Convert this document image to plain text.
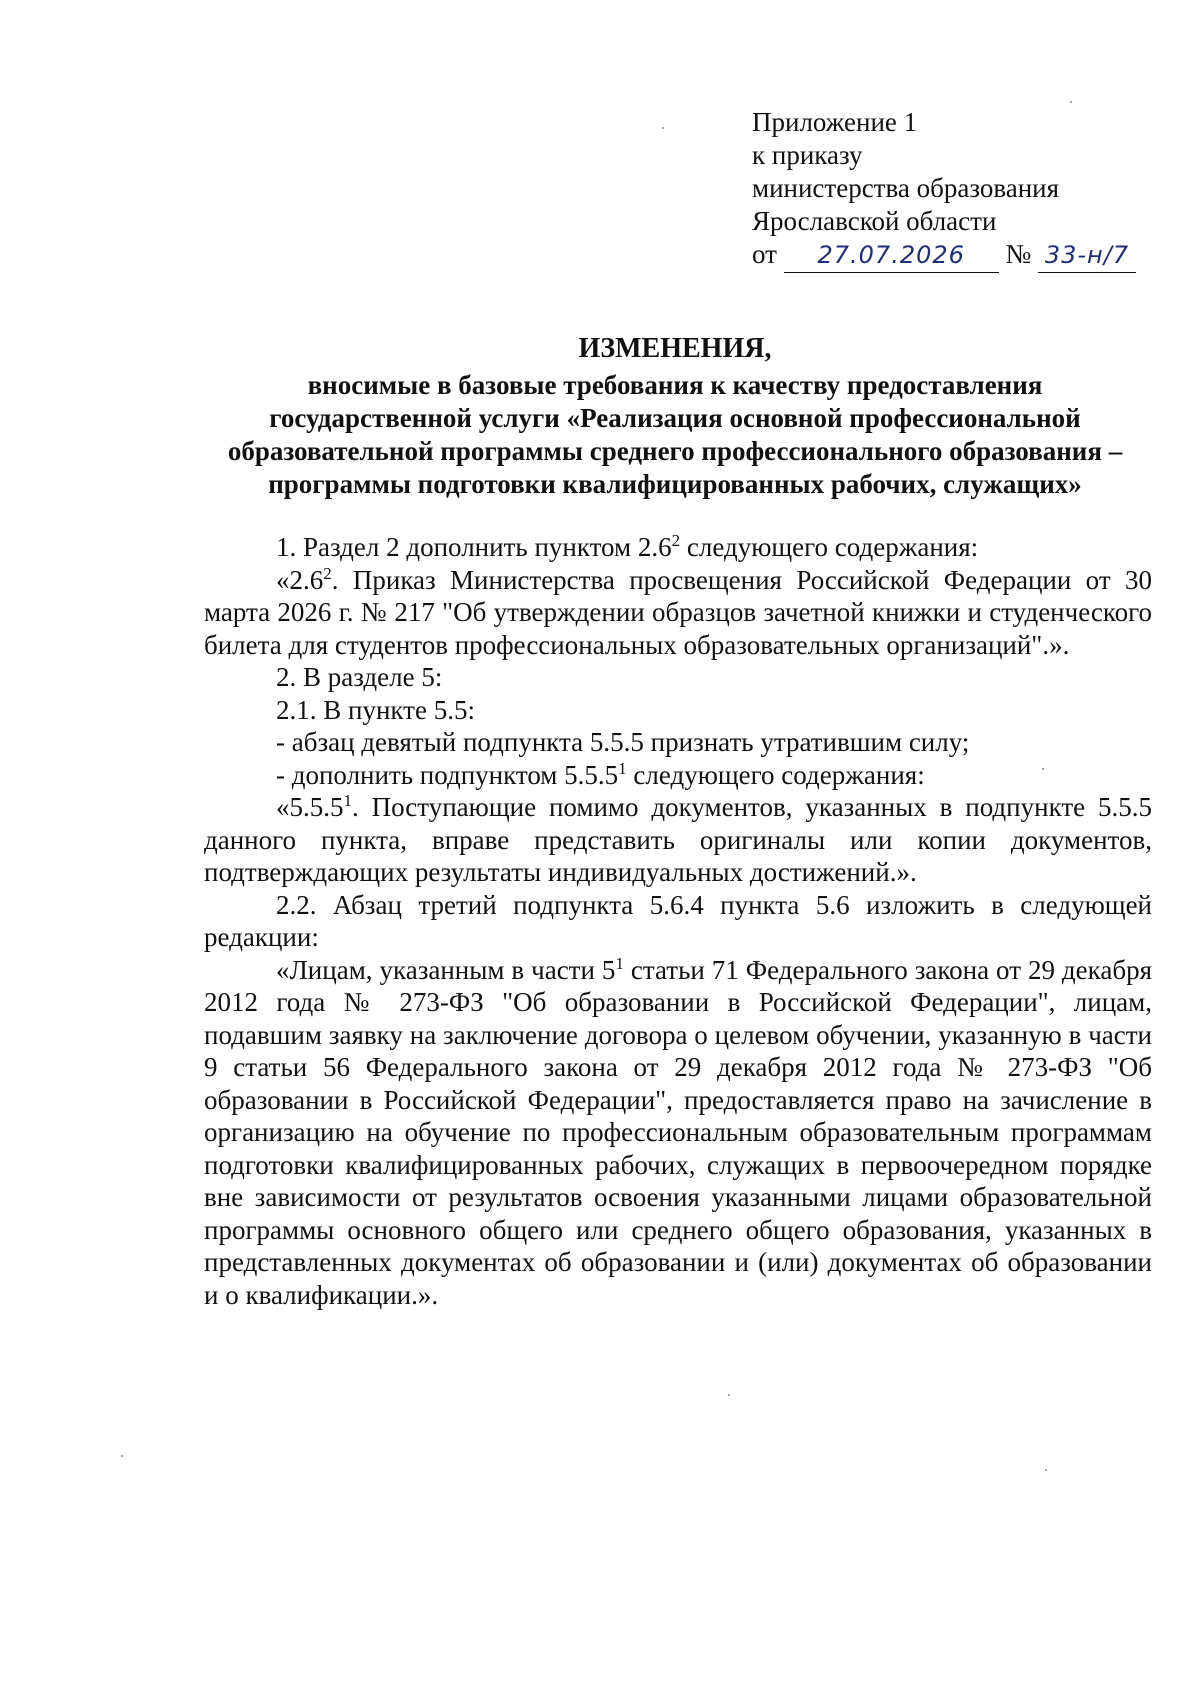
Приложение 1
к приказу
министерства образования
Ярославской области
от 27.07.2026 № 33-н/7
ИЗМЕНЕНИЯ,
вносимые в базовые требования к качеству предоставления
государственной услуги «Реализация основной профессиональной
образовательной программы среднего профессионального образования –
программы подготовки квалифицированных рабочих, служащих»

1. Раздел 2 дополнить пунктом $2.6^2$ следующего содержания:

«$2.6^2$. Приказ Министерства просвещения Российской Федерации от 30 марта 2026 г. № 217 "Об утверждении образцов зачетной книжки и студенческого билета для студентов профессиональных образовательных организаций".».

2. В разделе 5:

2.1. В пункте 5.5:

- абзац девятый подпункта 5.5.5 признать утратившим силу;

- дополнить подпунктом 5.5.5$^1$ следующего содержания:

«5.5.5$^1$. Поступающие помимо документов, указанных в подпункте 5.5.5 данного пункта, вправе представить оригиналы или копии документов, подтверждающих результаты индивидуальных достижений.».

2.2. Абзац третий подпункта 5.6.4 пункта 5.6 изложить в следующей редакции:

«Лицам, указанным в части $5^1$ статьи 71 Федерального закона от 29 декабря 2012 года № 273-ФЗ "Об образовании в Российской Федерации", лицам, подавшим заявку на заключение договора о целевом обучении, указанную в части 9 статьи 56 Федерального закона от 29 декабря 2012 года № 273-ФЗ "Об образовании в Российской Федерации", предоставляется право на зачисление в организацию на обучение по профессиональным образовательным программам подготовки квалифицированных рабочих, служащих в первоочередном порядке вне зависимости от результатов освоения указанными лицами образовательной программы основного общего или среднего общего образования, указанных в представленных документах об образовании и (или) документах об образовании и о квалификации.».
